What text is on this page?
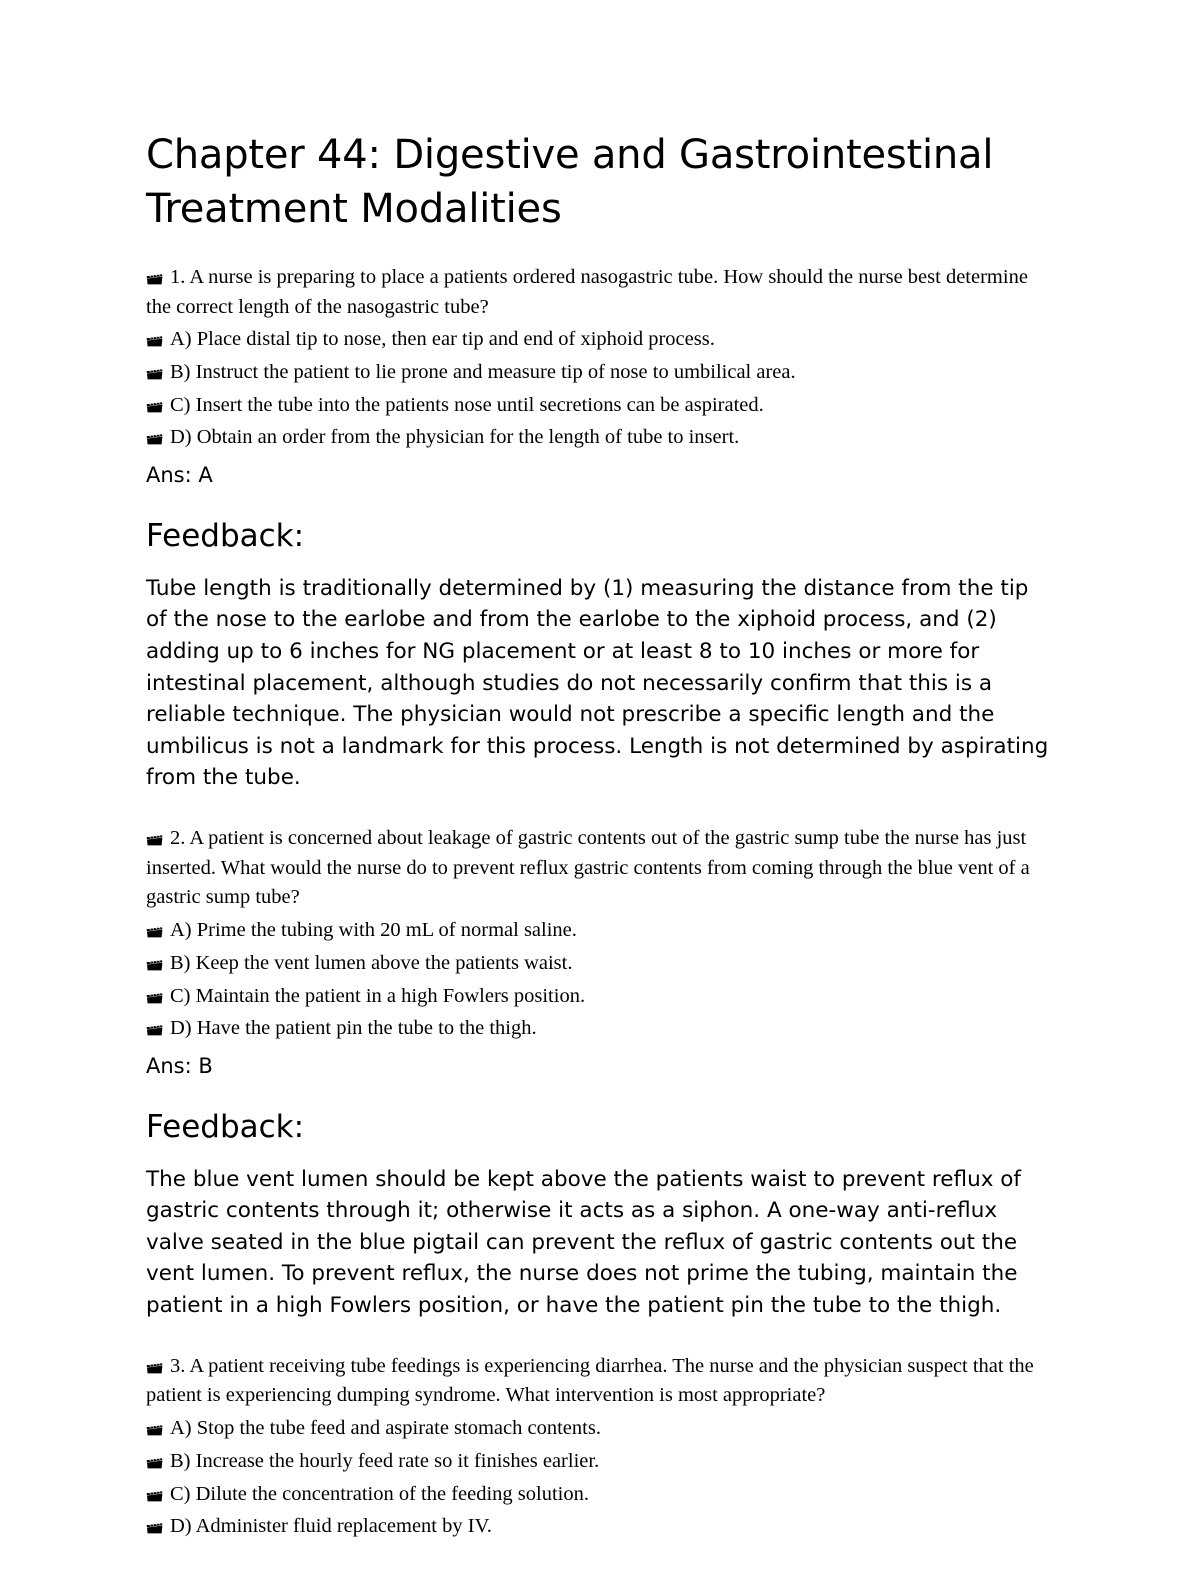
Chapter 44: Digestive and Gastrointestinal Treatment Modalities

1. A nurse is preparing to place a patients ordered nasogastric tube. How should the nurse best determine the correct length of the nasogastric tube?

A) Place distal tip to nose, then ear tip and end of xiphoid process.

B) Instruct the patient to lie prone and measure tip of nose to umbilical area.

C) Insert the tube into the patients nose until secretions can be aspirated.

D) Obtain an order from the physician for the length of tube to insert.

Ans: A

Feedback:

Tube length is traditionally determined by (1) measuring the distance from the tip of the nose to the earlobe and from the earlobe to the xiphoid process, and (2) adding up to 6 inches for NG placement or at least 8 to 10 inches or more for intestinal placement, although studies do not necessarily confirm that this is a reliable technique. The physician would not prescribe a specific length and the umbilicus is not a landmark for this process. Length is not determined by aspirating from the tube.

2. A patient is concerned about leakage of gastric contents out of the gastric sump tube the nurse has just inserted. What would the nurse do to prevent reflux gastric contents from coming through the blue vent of a gastric sump tube?

A) Prime the tubing with 20 mL of normal saline.

B) Keep the vent lumen above the patients waist.

C) Maintain the patient in a high Fowlers position.

D) Have the patient pin the tube to the thigh.

Ans: B

Feedback:

The blue vent lumen should be kept above the patients waist to prevent reflux of gastric contents through it; otherwise it acts as a siphon. A one-way anti-reflux valve seated in the blue pigtail can prevent the reflux of gastric contents out the vent lumen. To prevent reflux, the nurse does not prime the tubing, maintain the patient in a high Fowlers position, or have the patient pin the tube to the thigh.

3. A patient receiving tube feedings is experiencing diarrhea. The nurse and the physician suspect that the patient is experiencing dumping syndrome. What intervention is most appropriate?

A) Stop the tube feed and aspirate stomach contents.

B) Increase the hourly feed rate so it finishes earlier.

C) Dilute the concentration of the feeding solution.

D) Administer fluid replacement by IV.
